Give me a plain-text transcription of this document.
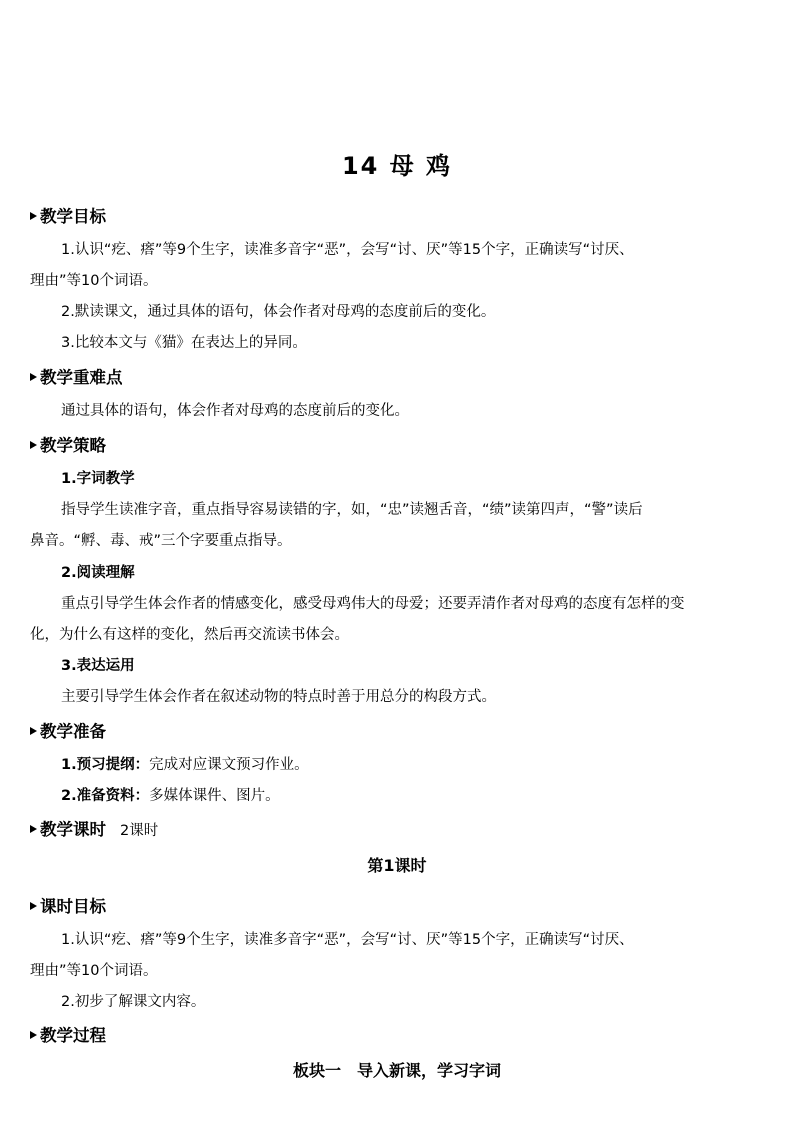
14 母 鸡
教学目标
1.认识“疙、瘩”等9个生字，读准多音字“恶”，会写“讨、厌”等15个字，正确读写“讨厌、
理由”等10个词语。
2.默读课文，通过具体的语句，体会作者对母鸡的态度前后的变化。
3.比较本文与《猫》在表达上的异同。
教学重难点
通过具体的语句，体会作者对母鸡的态度前后的变化。
教学策略
1.字词教学
指导学生读准字音，重点指导容易读错的字，如，“忠”读翘舌音，“绩”读第四声，“警”读后
鼻音。“孵、毒、戒”三个字要重点指导。
2.阅读理解
重点引导学生体会作者的情感变化，感受母鸡伟大的母爱；还要弄清作者对母鸡的态度有怎样的变
化，为什么有这样的变化，然后再交流读书体会。
3.表达运用
主要引导学生体会作者在叙述动物的特点时善于用总分的构段方式。
教学准备
1.预习提纲：完成对应课文预习作业。
2.准备资料：多媒体课件、图片。
教学课时 2课时
第1课时
课时目标
1.认识“疙、瘩”等9个生字，读准多音字“恶”，会写“讨、厌”等15个字，正确读写“讨厌、
理由”等10个词语。
2.初步了解课文内容。
教学过程
板块一　导入新课，学习字词
